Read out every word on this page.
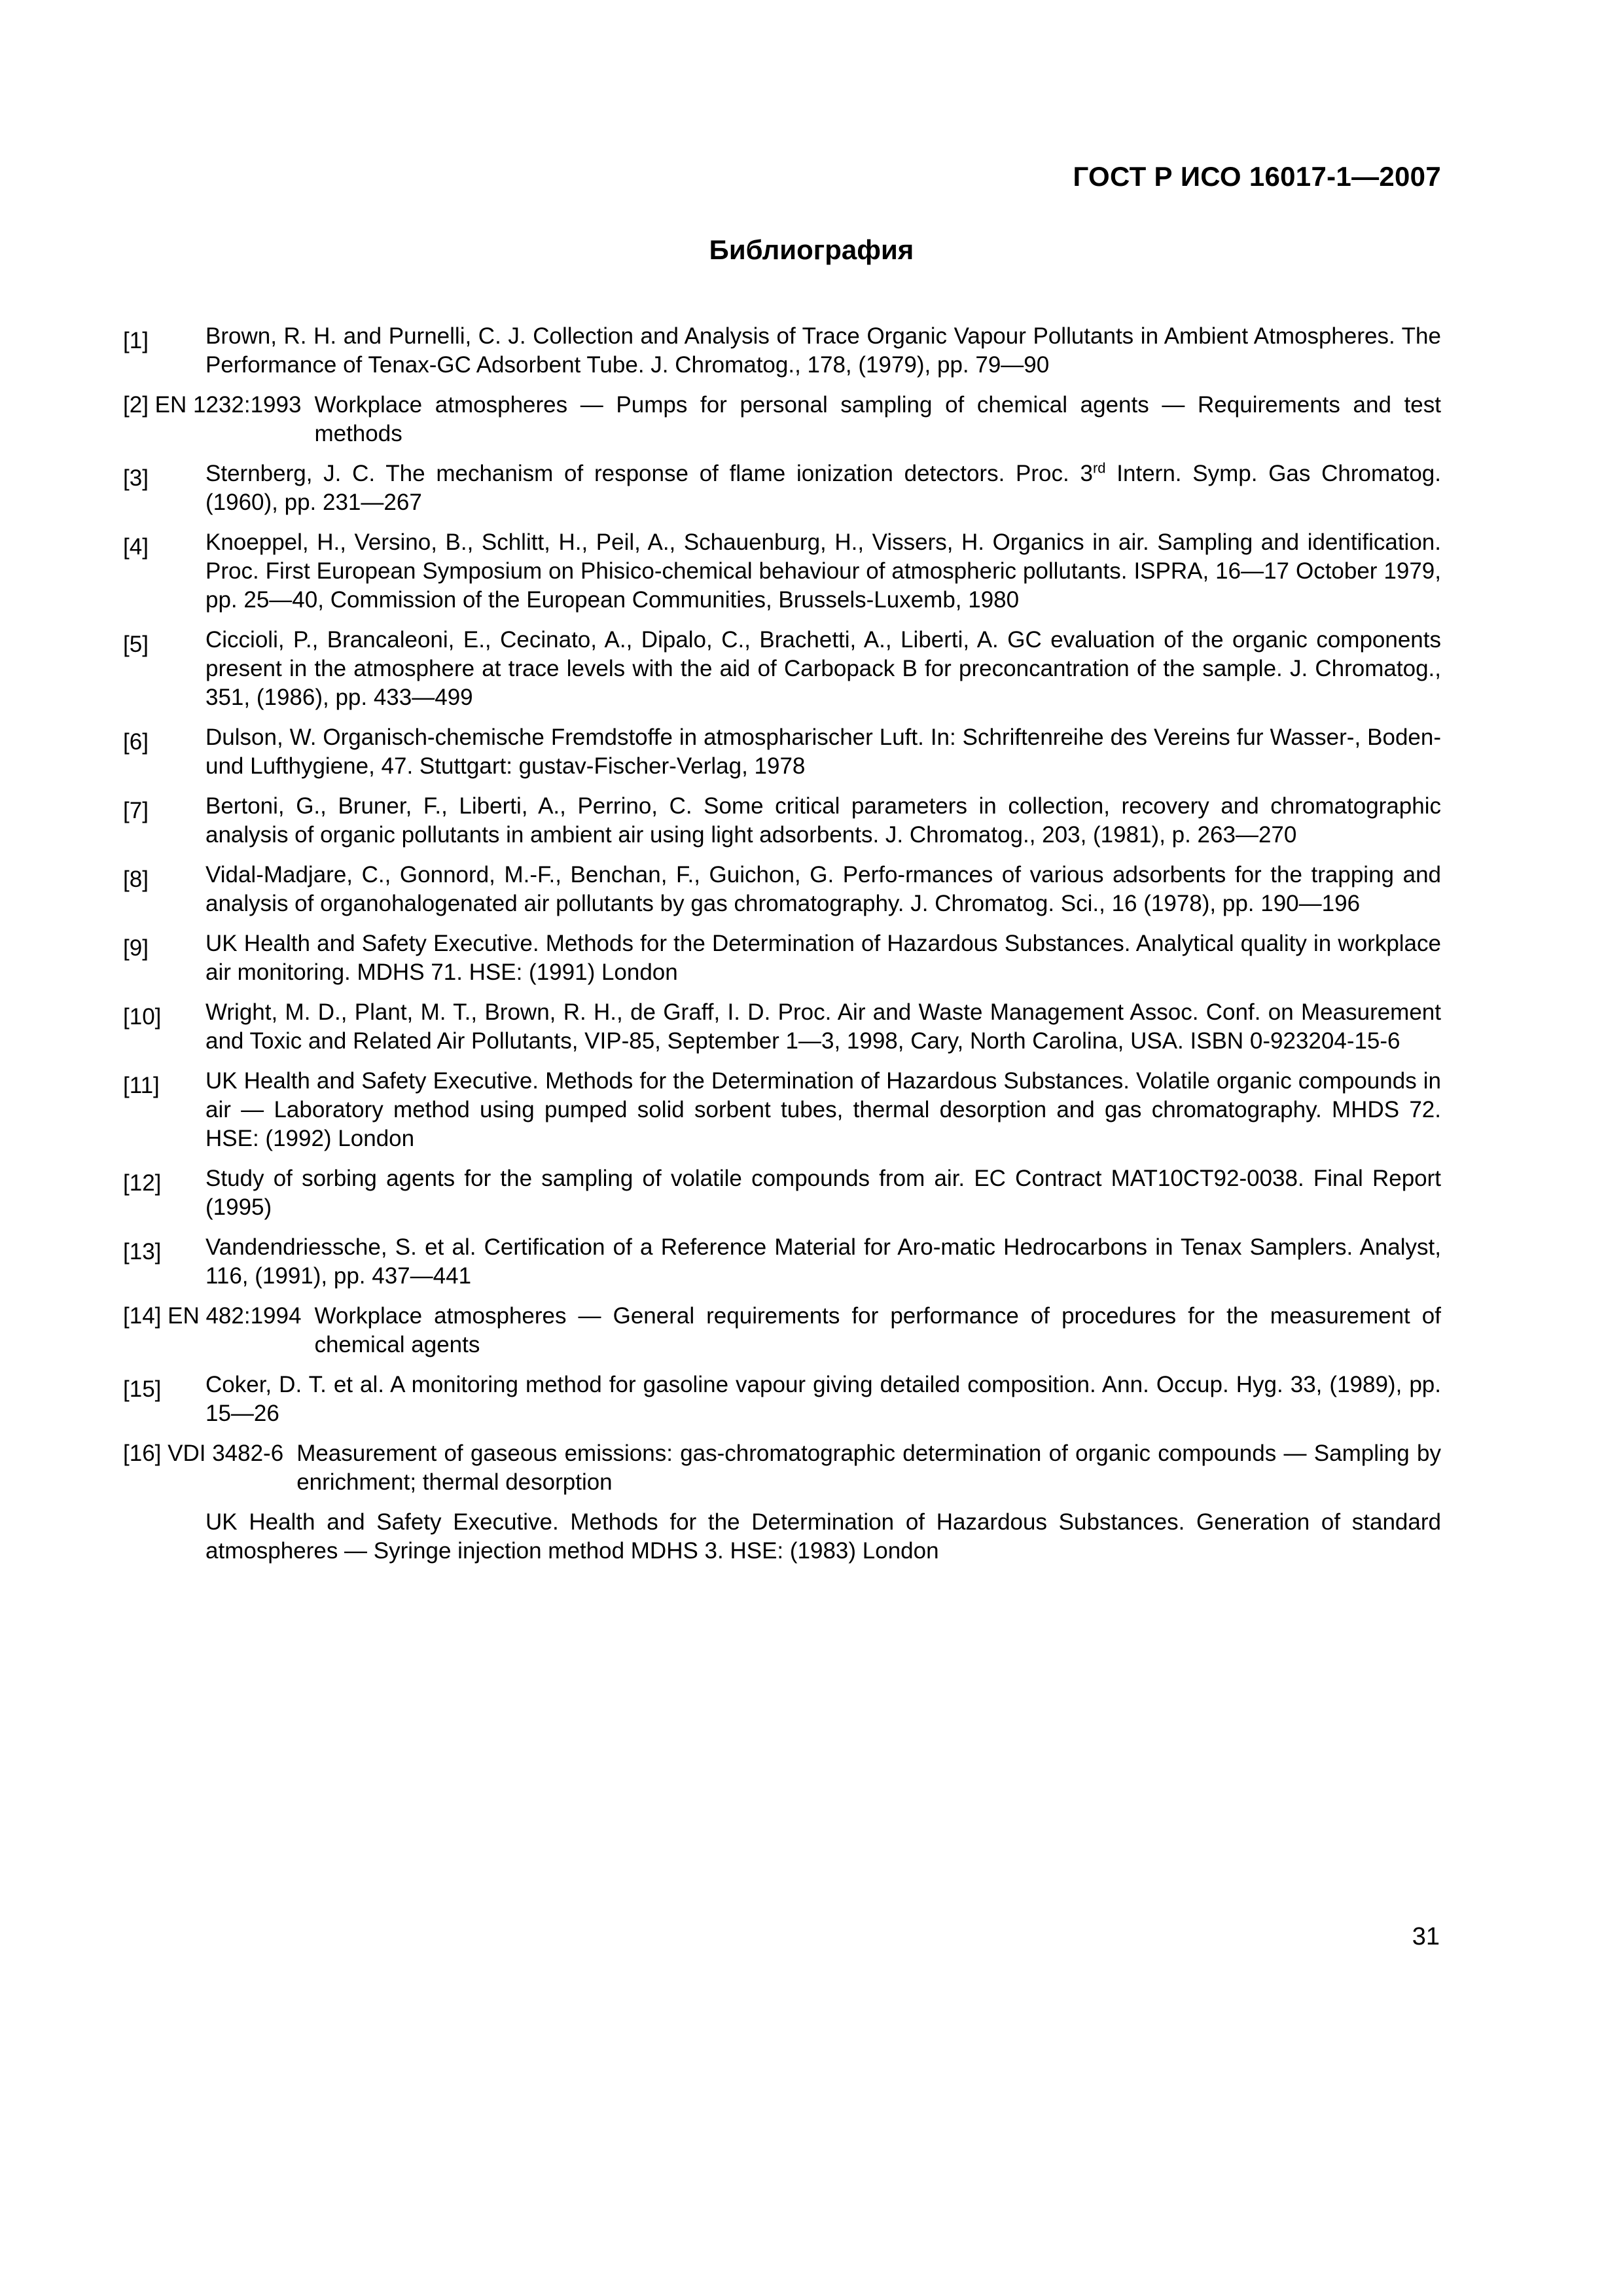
ГОСТ Р ИСО 16017-1—2007
Библиография
[1]	Brown, R. H. and Purnelli, C. J. Collection and Analysis of Trace Organic Vapour Pollutants in Ambient Atmospheres. The Performance of Tenax-GC Adsorbent Tube. J. Chromatog., 178, (1979), pp. 79—90
[2] EN 1232:1993 Workplace atmospheres — Pumps for personal sampling of chemical agents — Requirements and test methods
[3]	Sternberg, J. C. The mechanism of response of flame ionization detectors. Proc. 3rd Intern. Symp. Gas Chromatog. (1960), pp. 231—267
[4]	Knoeppel, H., Versino, B., Schlitt, H., Peil, A., Schauenburg, H., Vissers, H. Organics in air. Sampling and identification. Proc. First European Symposium on Phisico-chemical behaviour of atmospheric pollutants. ISPRA, 16—17 October 1979, pp. 25—40, Commission of the European Communities, Brussels-Luxemb, 1980
[5]	Ciccioli, P., Brancaleoni, E., Cecinato, A., Dipalo, C., Brachetti, A., Liberti, A. GC evaluation of the organic components present in the atmosphere at trace levels with the aid of Carbopack B for preconcantration of the sample. J. Chromatog., 351, (1986), pp. 433—499
[6]	Dulson, W. Organisch-chemische Fremdstoffe in atmospharischer Luft. In: Schriftenreihe des Vereins fur Wasser-, Boden- und Lufthygiene, 47. Stuttgart: gustav-Fischer-Verlag, 1978
[7]	Bertoni, G., Bruner, F., Liberti, A., Perrino, C. Some critical parameters in collection, recovery and chromatographic analysis of organic pollutants in ambient air using light adsorbents. J. Chromatog., 203, (1981), p. 263—270
[8]	Vidal-Madjare, C., Gonnord, M.-F., Benchan, F., Guichon, G. Perfo-rmances of various adsorbents for the trapping and analysis of organohalogenated air pollutants by gas chromatography. J. Chromatog. Sci., 16 (1978), pp. 190—196
[9]	UK Health and Safety Executive. Methods for the Determination of Hazardous Substances. Analytical quality in workplace air monitoring. MDHS 71. HSE: (1991) London
[10]	Wright, M. D., Plant, M. T., Brown, R. H., de Graff, I. D. Proc. Air and Waste Management Assoc. Conf. on Measurement and Toxic and Related Air Pollutants, VIP-85, September 1—3, 1998, Cary, North Carolina, USA. ISBN 0-923204-15-6
[11]	UK Health and Safety Executive. Methods for the Determination of Hazardous Substances. Volatile organic compounds in air — Laboratory method using pumped solid sorbent tubes, thermal desorption and gas chromatography. MHDS 72. HSE: (1992) London
[12]	Study of sorbing agents for the sampling of volatile compounds from air. EC Contract MAT10CT92-0038. Final Report (1995)
[13]	Vandendriessche, S. et al. Certification of a Reference Material for Aro-matic Hedrocarbons in Tenax Samplers. Analyst, 116, (1991), pp. 437—441
[14] EN 482:1994 Workplace atmospheres — General requirements for performance of procedures for the measurement of chemical agents
[15]	Coker, D. T. et al. A monitoring method for gasoline vapour giving detailed composition. Ann. Occup. Hyg. 33, (1989), pp. 15—26
[16] VDI 3482-6 Measurement of gaseous emissions: gas-chromatographic determination of organic compounds — Sampling by enrichment; thermal desorption
UK Health and Safety Executive. Methods for the Determination of Hazardous Substances. Generation of standard atmospheres — Syringe injection method MDHS 3. HSE: (1983) London
31
